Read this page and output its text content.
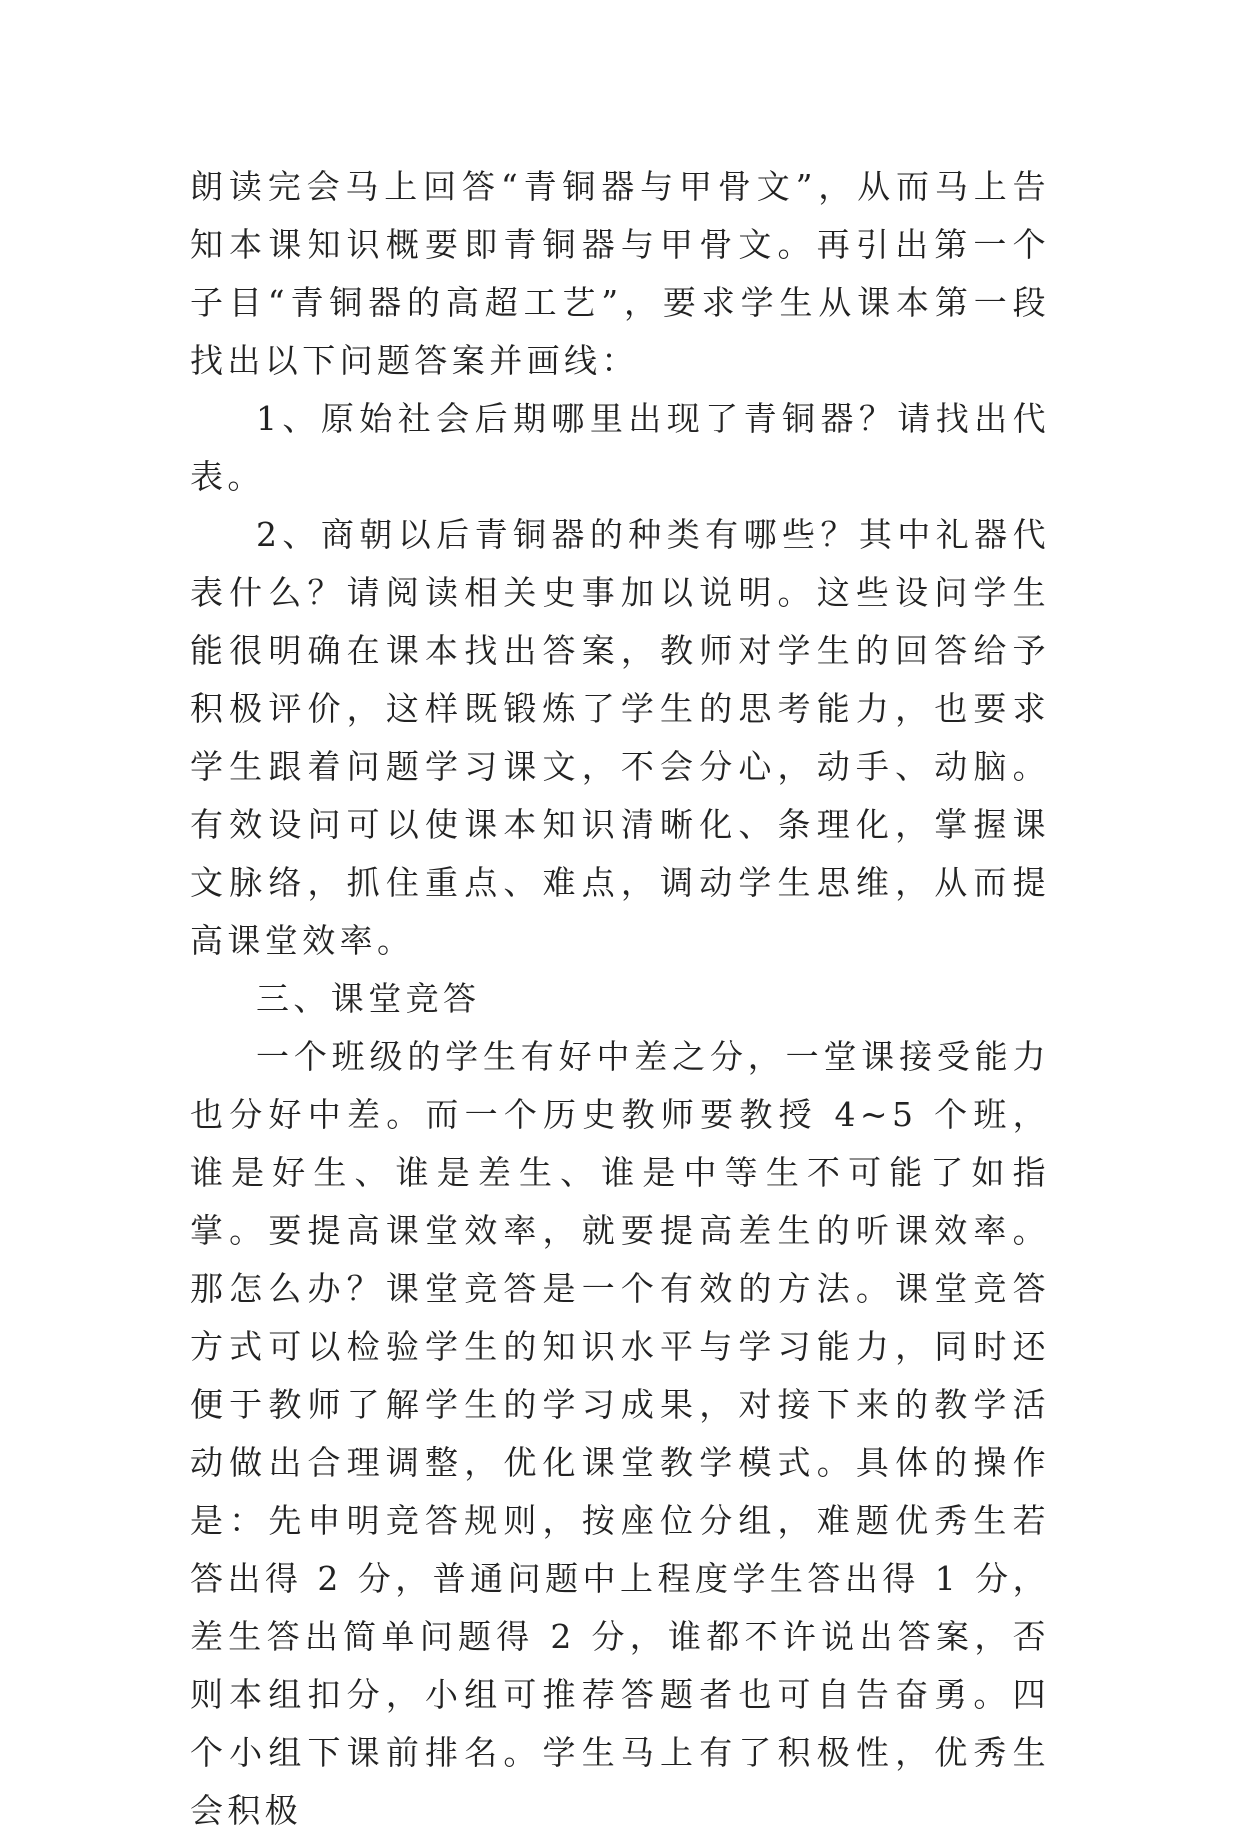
朗读完会马上回答“青铜器与甲骨文”，从而马上告知本课知识概要即青铜器与甲骨文。再引出第一个子目“青铜器的高超工艺”，要求学生从课本第一段找出以下问题答案并画线：

1、原始社会后期哪里出现了青铜器？请找出代表。

2、商朝以后青铜器的种类有哪些？其中礼器代表什么？请阅读相关史事加以说明。这些设问学生能很明确在课本找出答案，教师对学生的回答给予积极评价，这样既锻炼了学生的思考能力，也要求学生跟着问题学习课文，不会分心，动手、动脑。有效设问可以使课本知识清晰化、条理化，掌握课文脉络，抓住重点、难点，调动学生思维，从而提高课堂效率。

三、课堂竞答

一个班级的学生有好中差之分，一堂课接受能力也分好中差。而一个历史教师要教授 4~5 个班，谁是好生、谁是差生、谁是中等生不可能了如指掌。要提高课堂效率，就要提高差生的听课效率。那怎么办？课堂竞答是一个有效的方法。课堂竞答方式可以检验学生的知识水平与学习能力，同时还便于教师了解学生的学习成果，对接下来的教学活动做出合理调整，优化课堂教学模式。具体的操作是：先申明竞答规则，按座位分组，难题优秀生若答出得 2 分，普通问题中上程度学生答出得 1 分，差生答出简单问题得 2 分，谁都不许说出答案，否则本组扣分，小组可推荐答题者也可自告奋勇。四个小组下课前排名。学生马上有了积极性，优秀生会积极
